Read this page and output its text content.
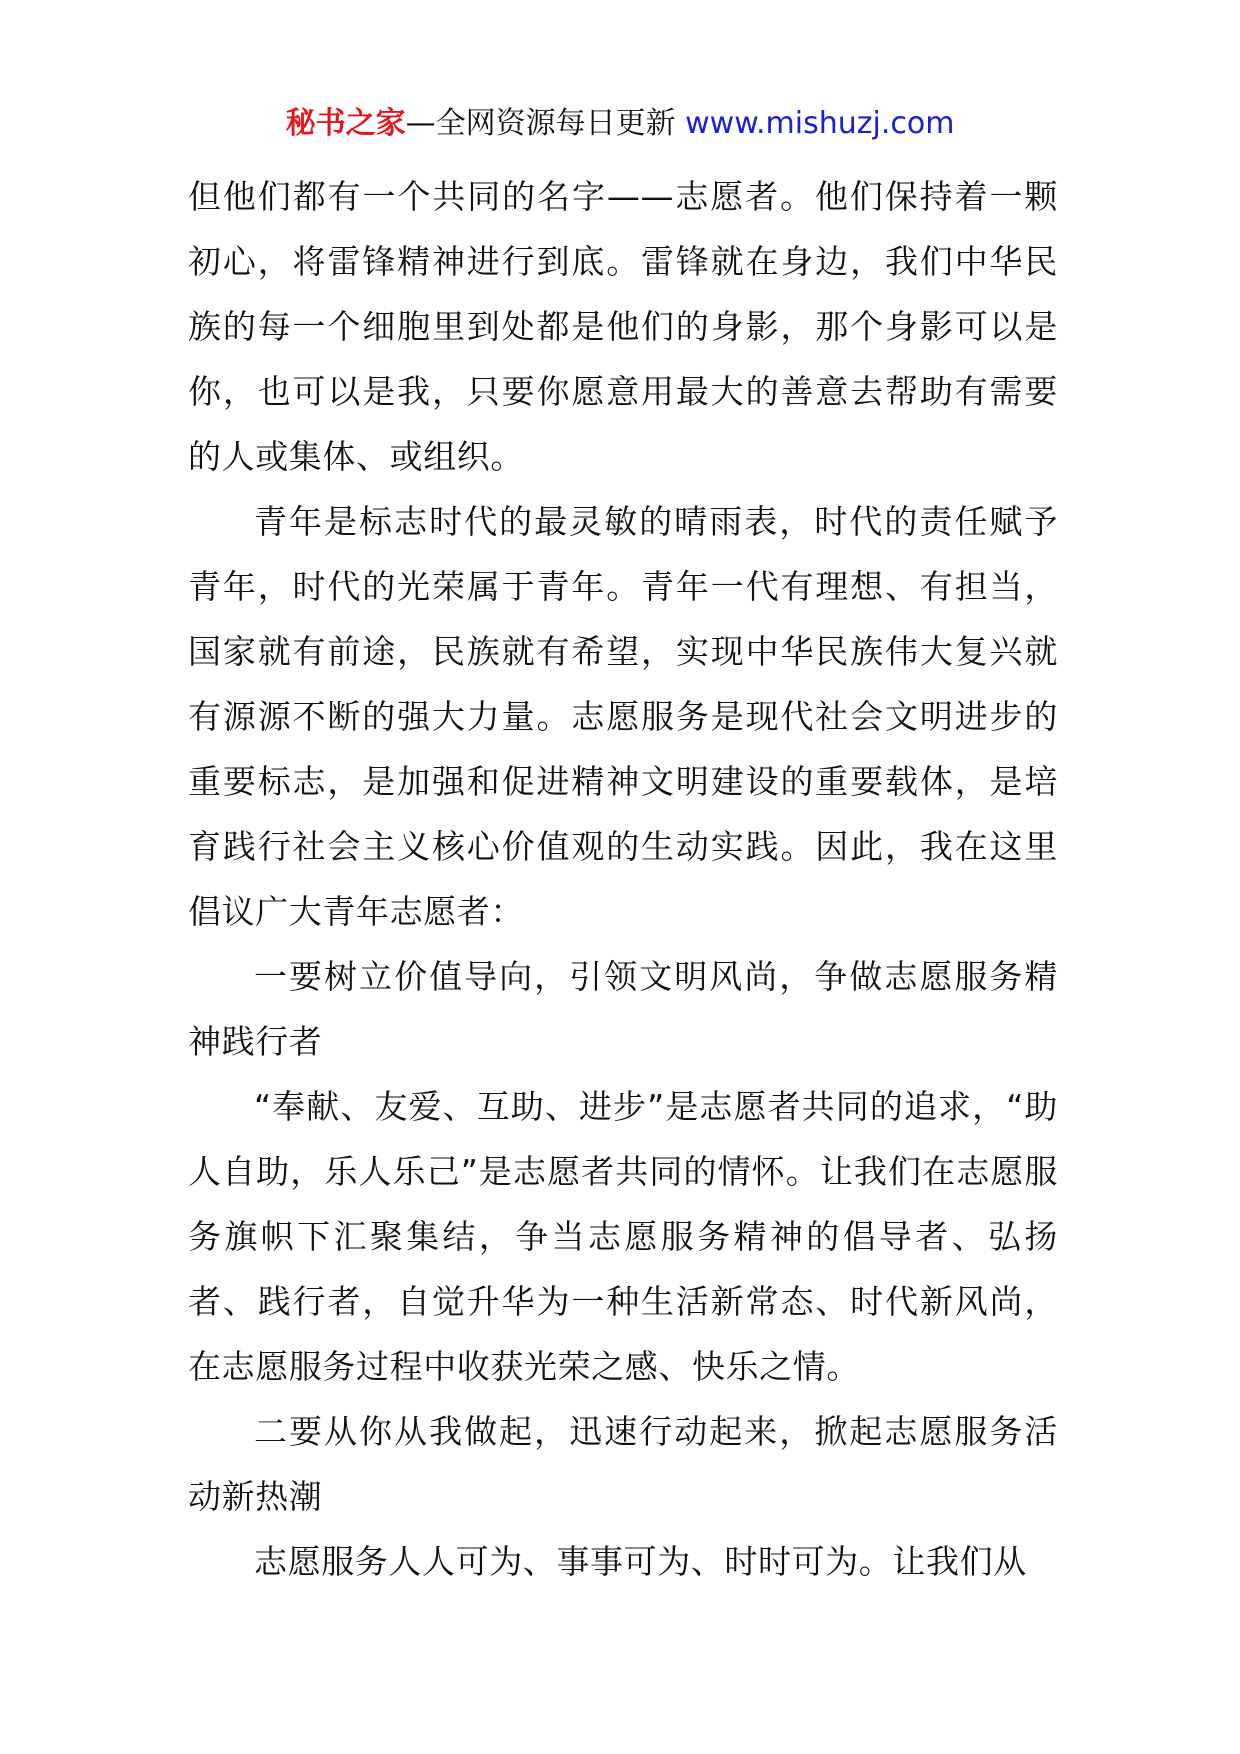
秘书之家—全网资源每日更新 www.mishuzj.com

但他们都有一个共同的名字——志愿者。他们保持着一颗初心，将雷锋精神进行到底。雷锋就在身边，我们中华民族的每一个细胞里到处都是他们的身影，那个身影可以是你，也可以是我，只要你愿意用最大的善意去帮助有需要的人或集体、或组织。

青年是标志时代的最灵敏的晴雨表，时代的责任赋予青年，时代的光荣属于青年。青年一代有理想、有担当，国家就有前途，民族就有希望，实现中华民族伟大复兴就有源源不断的强大力量。志愿服务是现代社会文明进步的重要标志，是加强和促进精神文明建设的重要载体，是培育践行社会主义核心价值观的生动实践。因此，我在这里倡议广大青年志愿者：

一要树立价值导向，引领文明风尚，争做志愿服务精神践行者

“奉献、友爱、互助、进步”是志愿者共同的追求，“助人自助，乐人乐己”是志愿者共同的情怀。让我们在志愿服务旗帜下汇聚集结，争当志愿服务精神的倡导者、弘扬者、践行者，自觉升华为一种生活新常态、时代新风尚，在志愿服务过程中收获光荣之感、快乐之情。

二要从你从我做起，迅速行动起来，掀起志愿服务活动新热潮

志愿服务人人可为、事事可为、时时可为。让我们从
